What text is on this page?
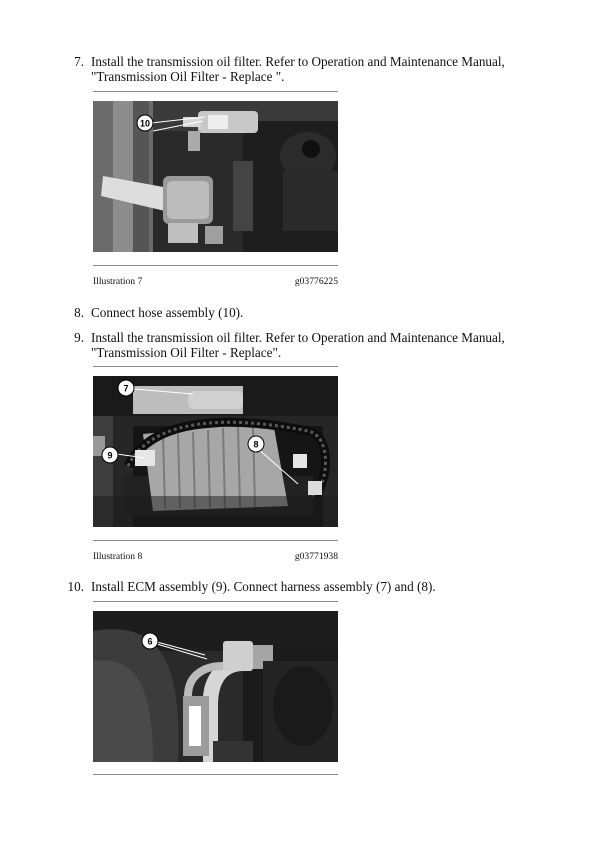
7. Install the transmission oil filter. Refer to Operation and Maintenance Manual,
"Transmission Oil Filter - Replace ".
10
Illustration 7	g03776225
8. Connect hose assembly (10).
9. Install the transmission oil filter. Refer to Operation and Maintenance Manual,
"Transmission Oil Filter - Replace".
7
8
9
Illustration 8	g03771938
10. Install ECM assembly (9). Connect harness assembly (7) and (8).
6
